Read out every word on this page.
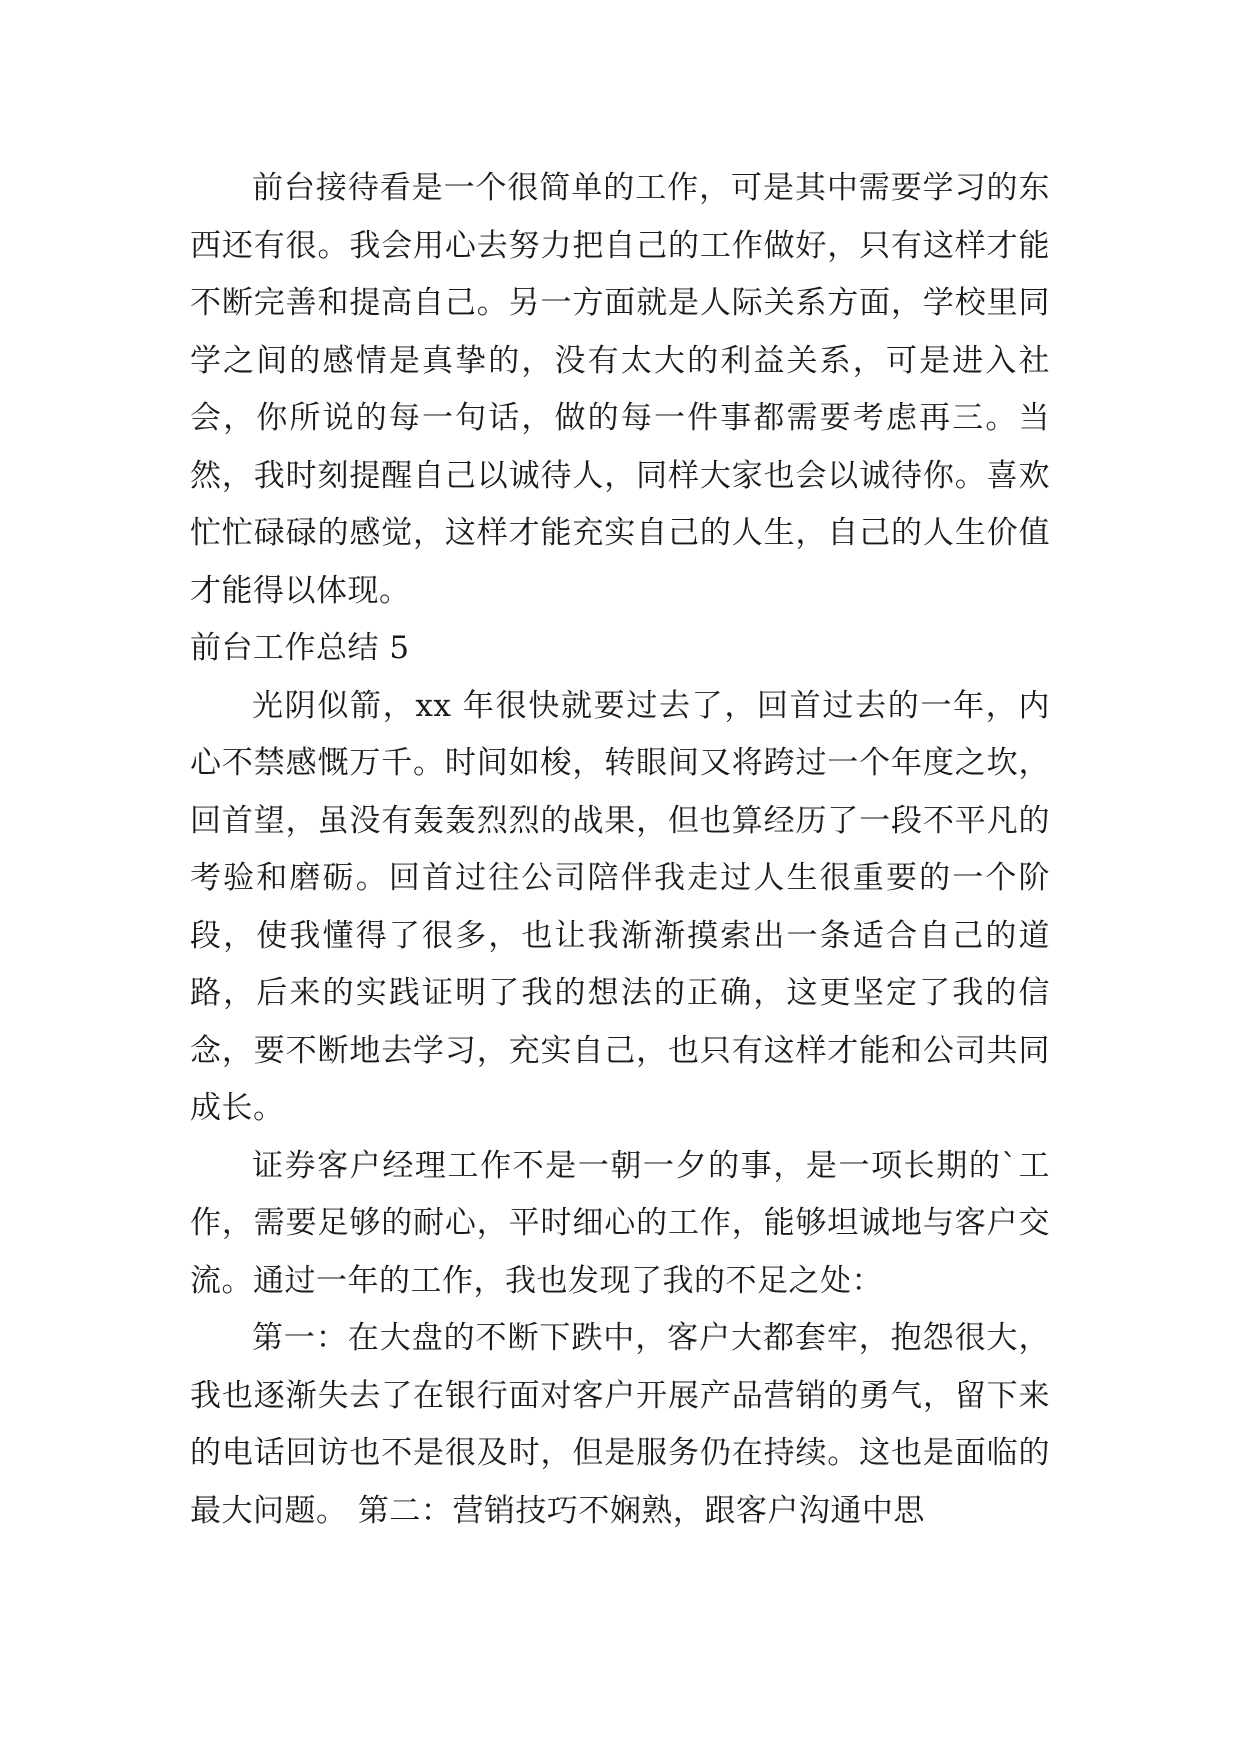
前台接待看是一个很简单的工作，可是其中需要学习的东西还有很。我会用心去努力把自己的工作做好，只有这样才能不断完善和提高自己。另一方面就是人际关系方面，学校里同学之间的感情是真挚的，没有太大的利益关系，可是进入社会，你所说的每一句话，做的每一件事都需要考虑再三。当然，我时刻提醒自己以诚待人，同样大家也会以诚待你。喜欢忙忙碌碌的感觉，这样才能充实自己的人生，自己的人生价值才能得以体现。

前台工作总结 5

光阴似箭，xx 年很快就要过去了，回首过去的一年，内心不禁感慨万千。时间如梭，转眼间又将跨过一个年度之坎，回首望，虽没有轰轰烈烈的战果，但也算经历了一段不平凡的考验和磨砺。回首过往公司陪伴我走过人生很重要的一个阶段，使我懂得了很多，也让我渐渐摸索出一条适合自己的道路，后来的实践证明了我的想法的正确，这更坚定了我的信念，要不断地去学习，充实自己，也只有这样才能和公司共同成长。

证券客户经理工作不是一朝一夕的事，是一项长期的`工作，需要足够的耐心，平时细心的工作，能够坦诚地与客户交流。通过一年的工作，我也发现了我的不足之处：

第一：在大盘的不断下跌中，客户大都套牢，抱怨很大，我也逐渐失去了在银行面对客户开展产品营销的勇气，留下来的电话回访也不是很及时，但是服务仍在持续。这也是面临的最大问题。 第二：营销技巧不娴熟，跟客户沟通中思
